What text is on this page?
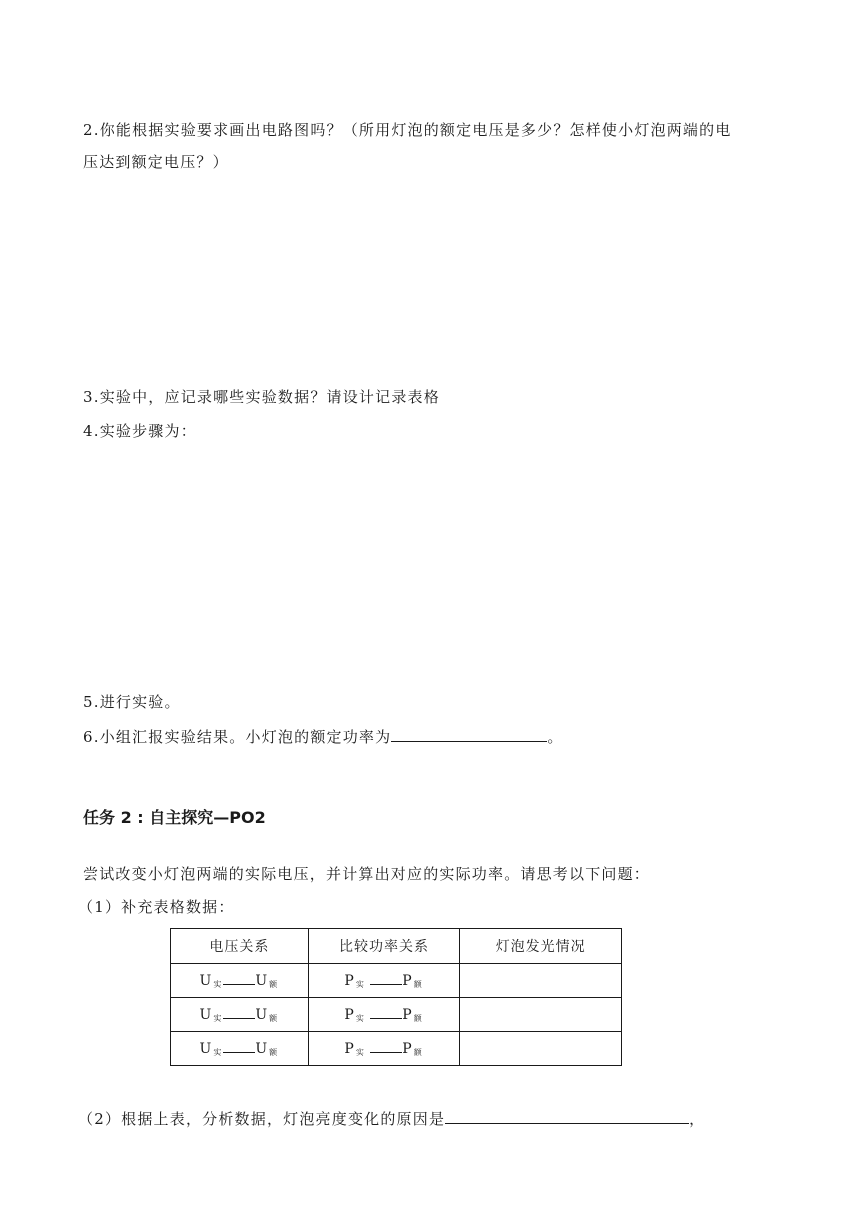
2.你能根据实验要求画出电路图吗？（所用灯泡的额定电压是多少？怎样使小灯泡两端的电
压达到额定电压？）
3.实验中，应记录哪些实验数据？请设计记录表格
4.实验步骤为：
5.进行实验。
6.小组汇报实验结果。小灯泡的额定功率为	。
任务 2 : 自主探究—PO2
尝试改变小灯泡两端的实际电压，并计算出对应的实际功率。请思考以下问题：
（1）补充表格数据：
电压关系	比较功率关系	灯泡发光情况
U $_实$ U $_额$	P $_实$ P $_额$	
U $_实$ U $_额$	P $_实$ P $_额$	
U $_实$ U $_额$	P $_实$ P $_额$	
（2）根据上表，分析数据，灯泡亮度变化的原因是	，
